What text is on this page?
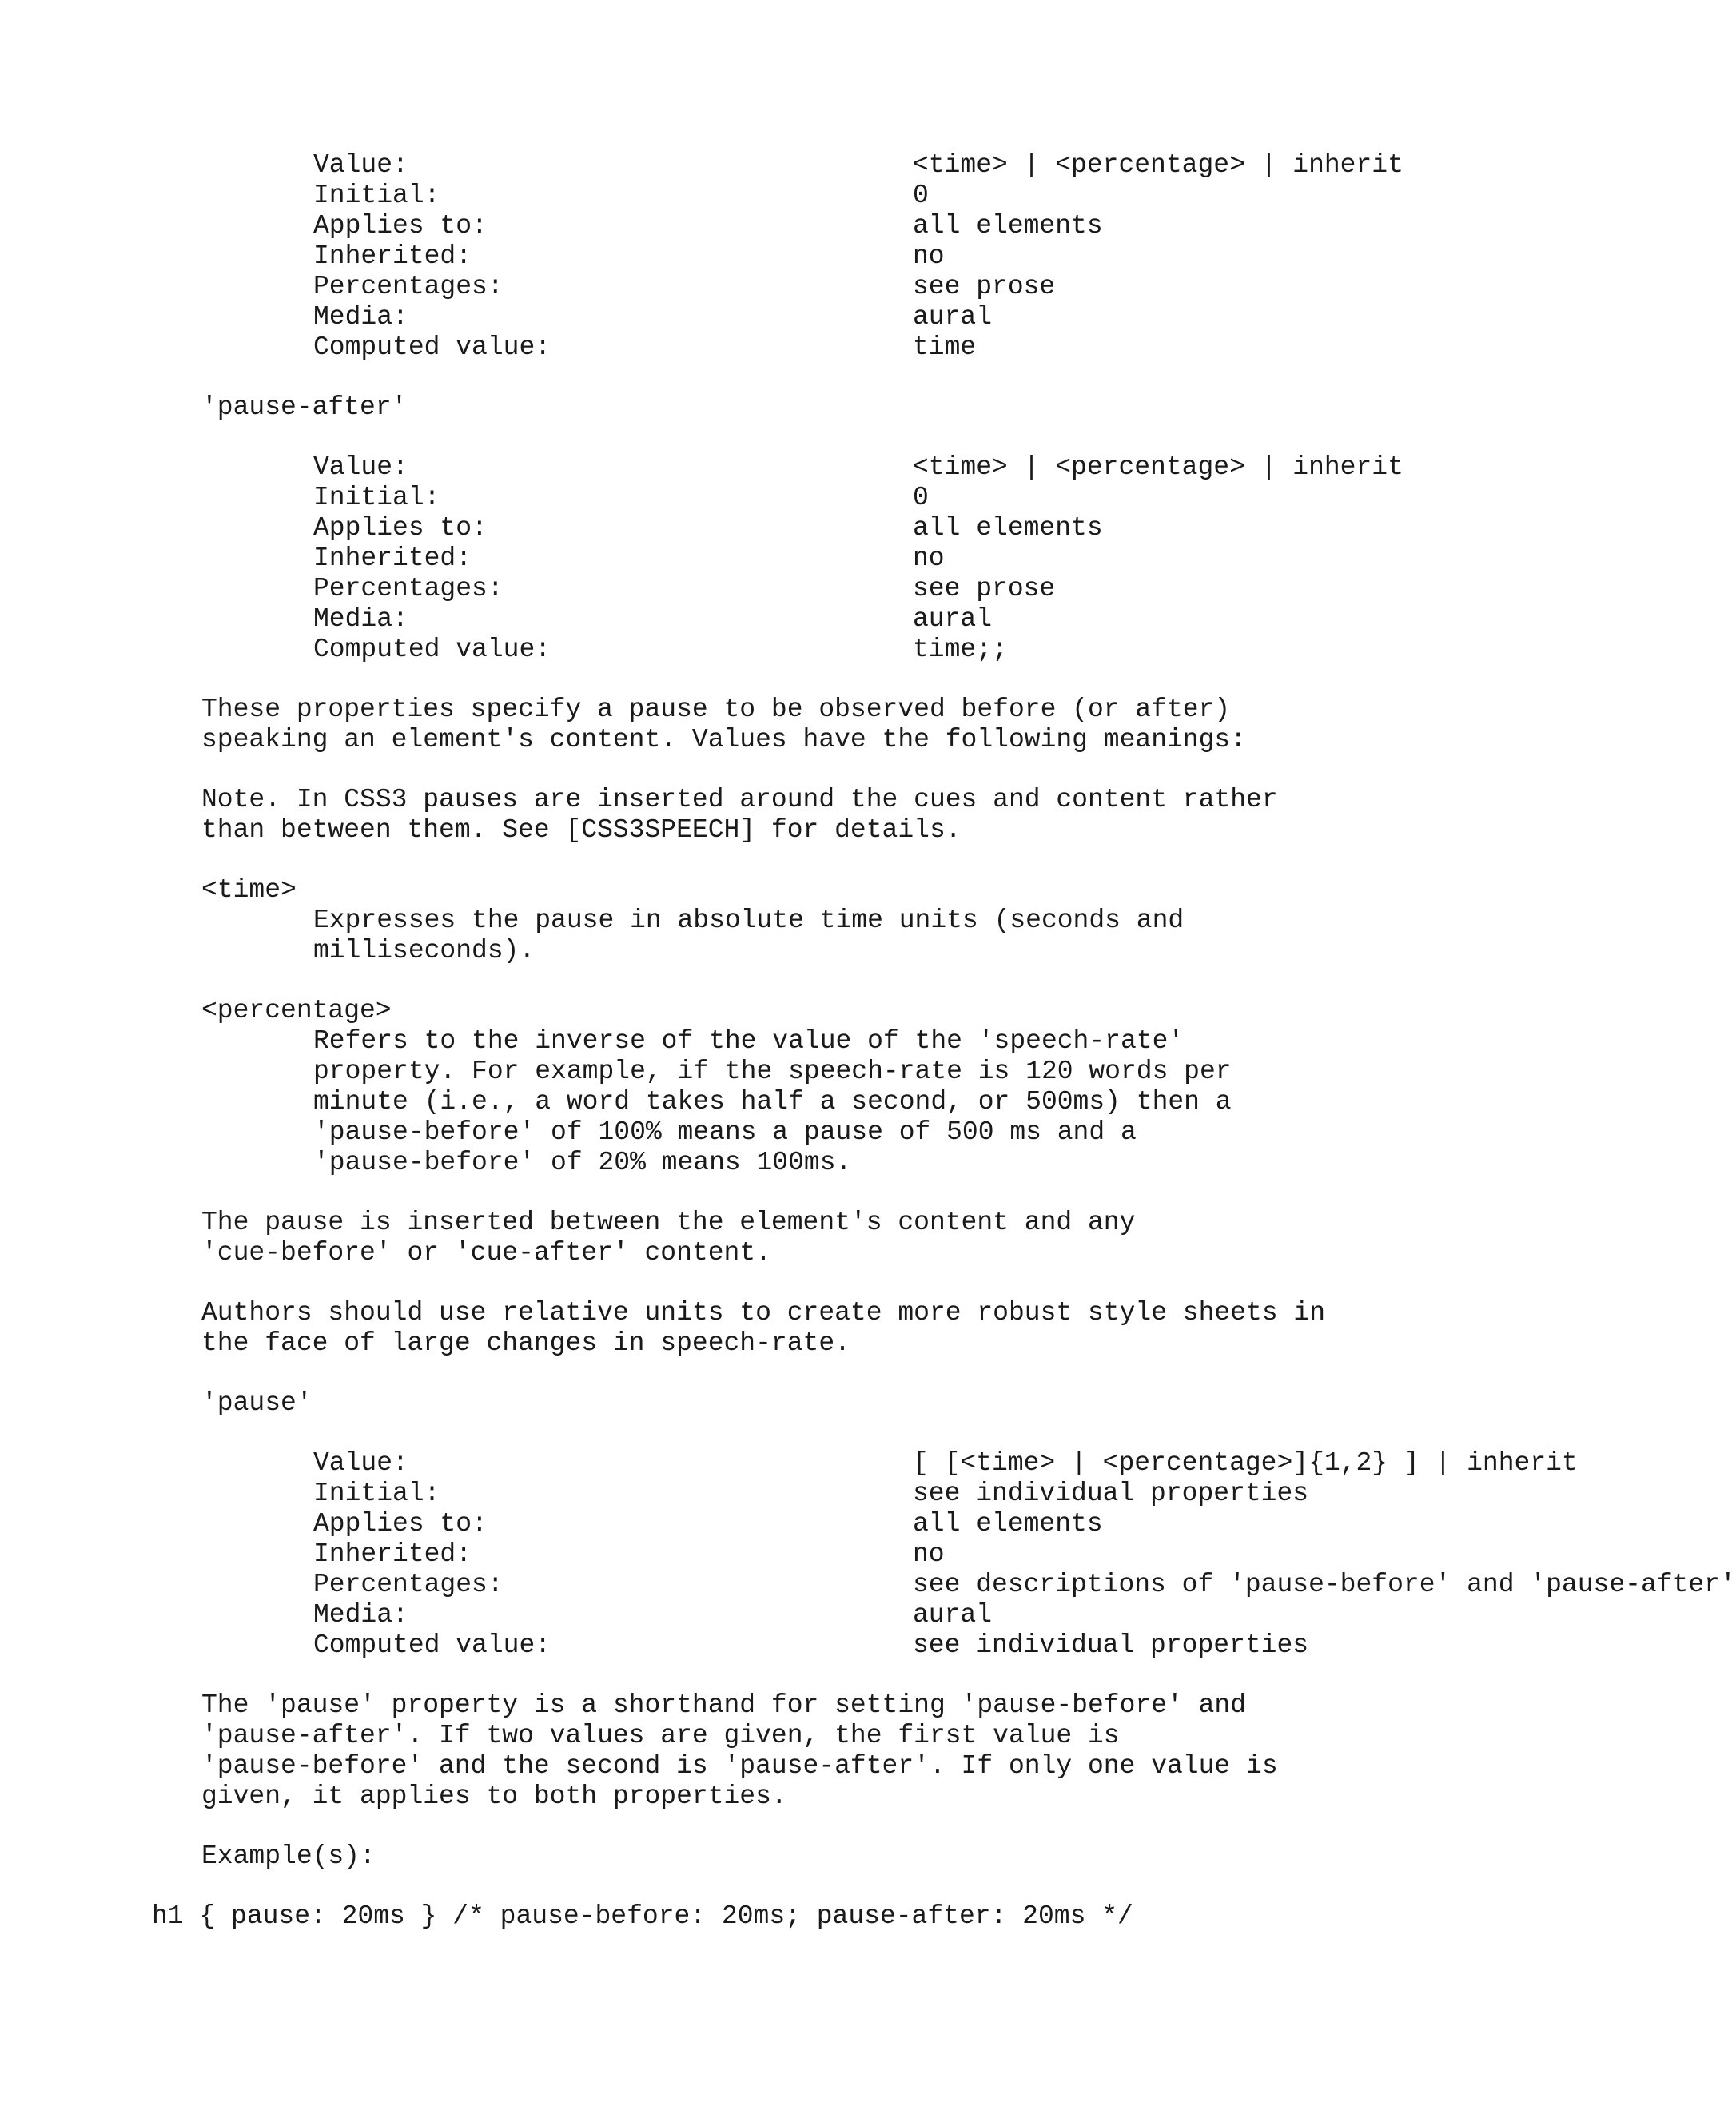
Value:	<time> | <percentage> | inherit
Initial:	0
Applies to:	all elements
Inherited:	no
Percentages:	see prose
Media:	aural
Computed value:	time
'pause-after'
Value:	<time> | <percentage> | inherit
Initial:	0
Applies to:	all elements
Inherited:	no
Percentages:	see prose
Media:	aural
Computed value:	time;;
These properties specify a pause to be observed before (or after)
speaking an element's content. Values have the following meanings:
Note. In CSS3 pauses are inserted around the cues and content rather
than between them. See [CSS3SPEECH] for details.
<time>
Expresses the pause in absolute time units (seconds and
milliseconds).
<percentage>
Refers to the inverse of the value of the 'speech-rate'
property. For example, if the speech-rate is 120 words per
minute (i.e., a word takes half a second, or 500ms) then a
'pause-before' of 100% means a pause of 500 ms and a
'pause-before' of 20% means 100ms.
The pause is inserted between the element's content and any
'cue-before' or 'cue-after' content.
Authors should use relative units to create more robust style sheets in
the face of large changes in speech-rate.
'pause'
Value:	[ [<time> | <percentage>]{1,2} ] | inherit
Initial:	see individual properties
Applies to:	all elements
Inherited:	no
Percentages:	see descriptions of 'pause-before' and 'pause-after'
Media:	aural
Computed value:	see individual properties
The 'pause' property is a shorthand for setting 'pause-before' and
'pause-after'. If two values are given, the first value is
'pause-before' and the second is 'pause-after'. If only one value is
given, it applies to both properties.
Example(s):
h1 { pause: 20ms } /* pause-before: 20ms; pause-after: 20ms */
